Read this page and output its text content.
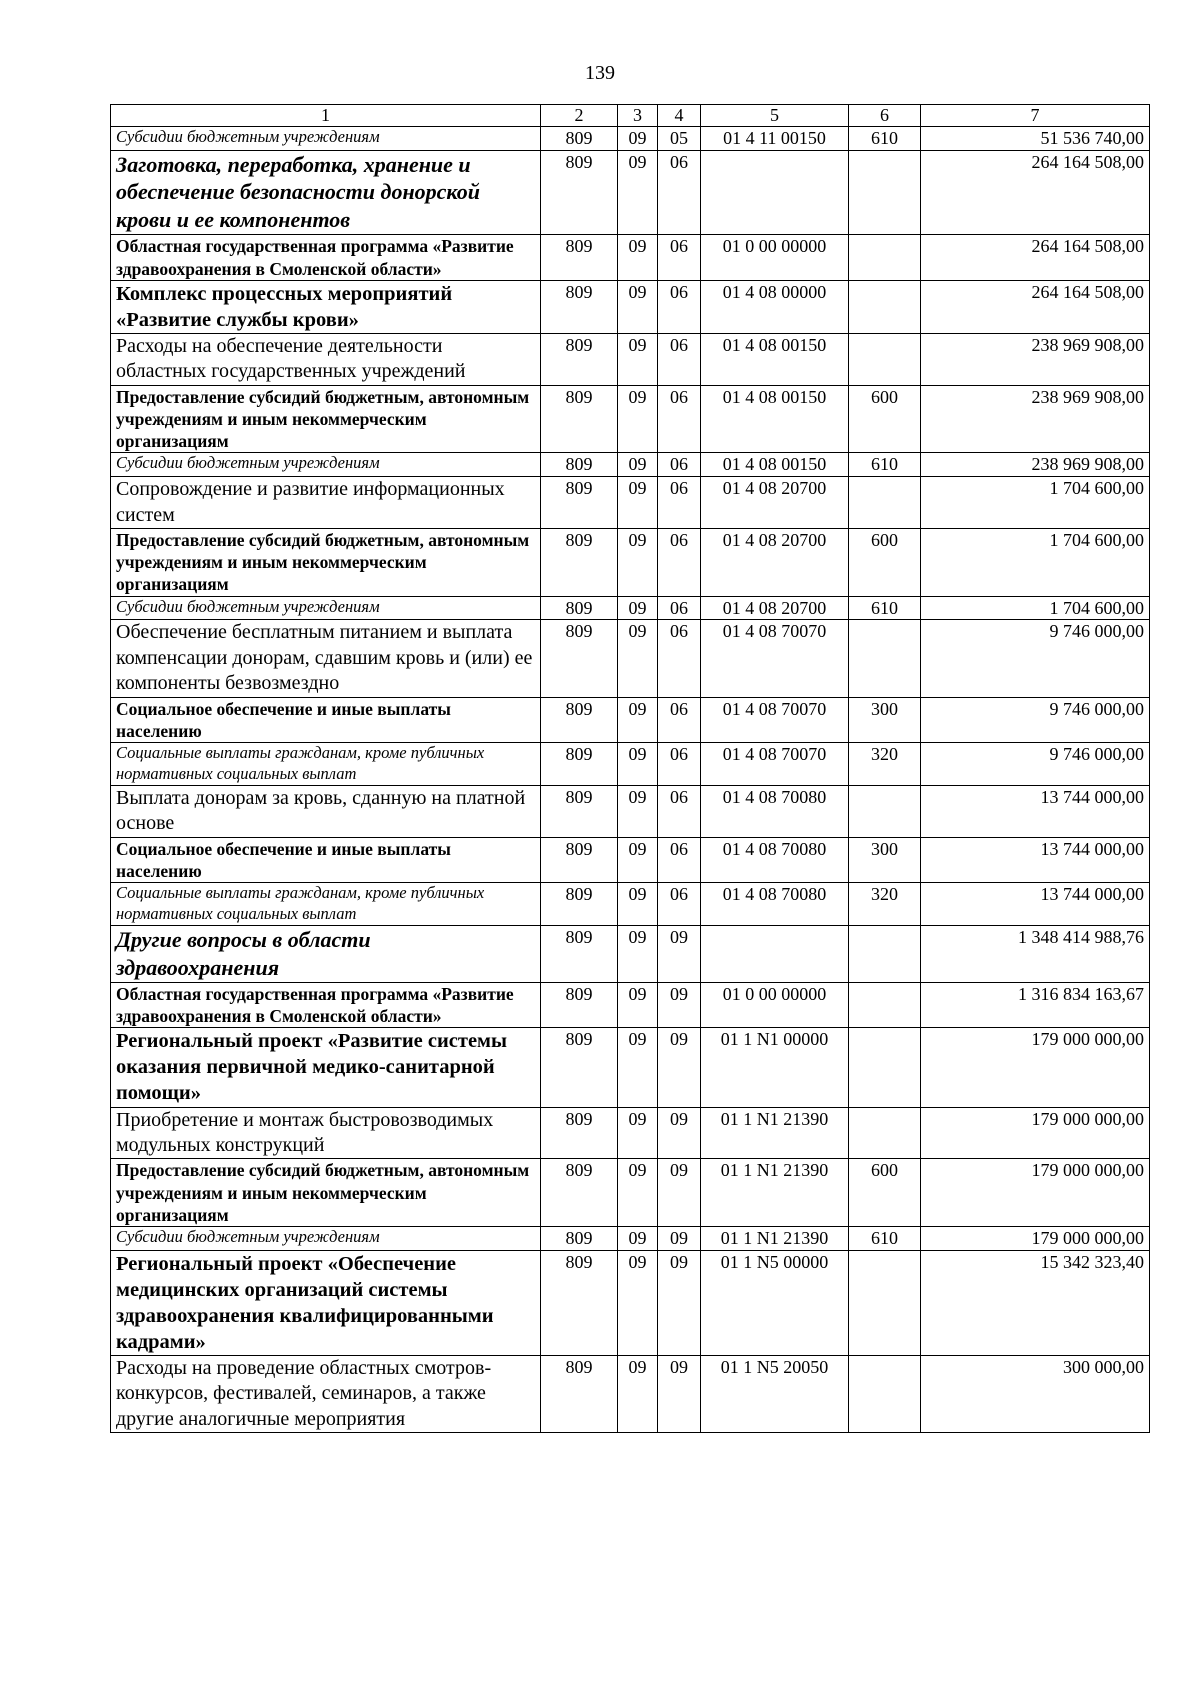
139
1	2	3	4	5	6	7
Субсидии бюджетным учреждениям	809	09	05	01 4 11 00150	610	51 536 740,00
Заготовка, переработка, хранение и обеспечение безопасности донорской крови и ее компонентов	809	09	06			264 164 508,00
Областная государственная программа «Развитие здравоохранения в Смоленской области»	809	09	06	01 0 00 00000		264 164 508,00
Комплекс процессных мероприятий «Развитие службы крови»	809	09	06	01 4 08 00000		264 164 508,00
Расходы на обеспечение деятельности областных государственных учреждений	809	09	06	01 4 08 00150		238 969 908,00
Предоставление субсидий бюджетным, автономным учреждениям и иным некоммерческим организациям	809	09	06	01 4 08 00150	600	238 969 908,00
Субсидии бюджетным учреждениям	809	09	06	01 4 08 00150	610	238 969 908,00
Сопровождение и развитие информационных систем	809	09	06	01 4 08 20700		1 704 600,00
Предоставление субсидий бюджетным, автономным учреждениям и иным некоммерческим организациям	809	09	06	01 4 08 20700	600	1 704 600,00
Субсидии бюджетным учреждениям	809	09	06	01 4 08 20700	610	1 704 600,00
Обеспечение бесплатным питанием и выплата компенсации донорам, сдавшим кровь и (или) ее компоненты безвозмездно	809	09	06	01 4 08 70070		9 746 000,00
Социальное обеспечение и иные выплаты населению	809	09	06	01 4 08 70070	300	9 746 000,00
Социальные выплаты гражданам, кроме публичных нормативных социальных выплат	809	09	06	01 4 08 70070	320	9 746 000,00
Выплата донорам за кровь, сданную на платной основе	809	09	06	01 4 08 70080		13 744 000,00
Социальное обеспечение и иные выплаты населению	809	09	06	01 4 08 70080	300	13 744 000,00
Социальные выплаты гражданам, кроме публичных нормативных социальных выплат	809	09	06	01 4 08 70080	320	13 744 000,00
Другие вопросы в области здравоохранения	809	09	09			1 348 414 988,76
Областная государственная программа «Развитие здравоохранения в Смоленской области»	809	09	09	01 0 00 00000		1 316 834 163,67
Региональный проект «Развитие системы оказания первичной медико-санитарной помощи»	809	09	09	01 1 N1 00000		179 000 000,00
Приобретение и монтаж быстровозводимых модульных конструкций	809	09	09	01 1 N1 21390		179 000 000,00
Предоставление субсидий бюджетным, автономным учреждениям и иным некоммерческим организациям	809	09	09	01 1 N1 21390	600	179 000 000,00
Субсидии бюджетным учреждениям	809	09	09	01 1 N1 21390	610	179 000 000,00
Региональный проект «Обеспечение медицинских организаций системы здравоохранения квалифицированными кадрами»	809	09	09	01 1 N5 00000		15 342 323,40
Расходы на проведение областных смотров-конкурсов, фестивалей, семинаров, а также другие аналогичные мероприятия	809	09	09	01 1 N5 20050		300 000,00
